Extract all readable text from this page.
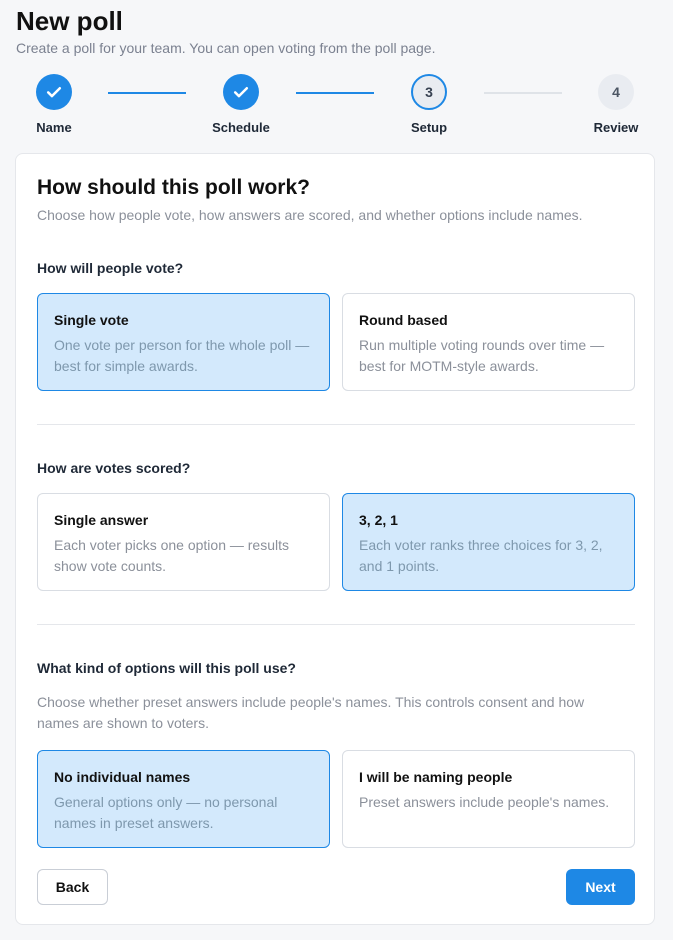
New poll
Create a poll for your team. You can open voting from the poll page.
Name	Schedule
3
Setup
4
Review
How should this poll work?
Choose how people vote, how answers are scored, and whether options include names.
How will people vote?
Single vote
One vote per person for the whole poll — best for simple awards.
Round based
Run multiple voting rounds over time — best for MOTM-style awards.
How are votes scored?
Single answer
Each voter picks one option — results show vote counts.
3, 2, 1
Each voter ranks three choices for 3, 2, and 1 points.
What kind of options will this poll use?
Choose whether preset answers include people's names. This controls consent and how names are shown to voters.
No individual names
General options only — no personal names in preset answers.
I will be naming people
Preset answers include people's names.
Back	Next
